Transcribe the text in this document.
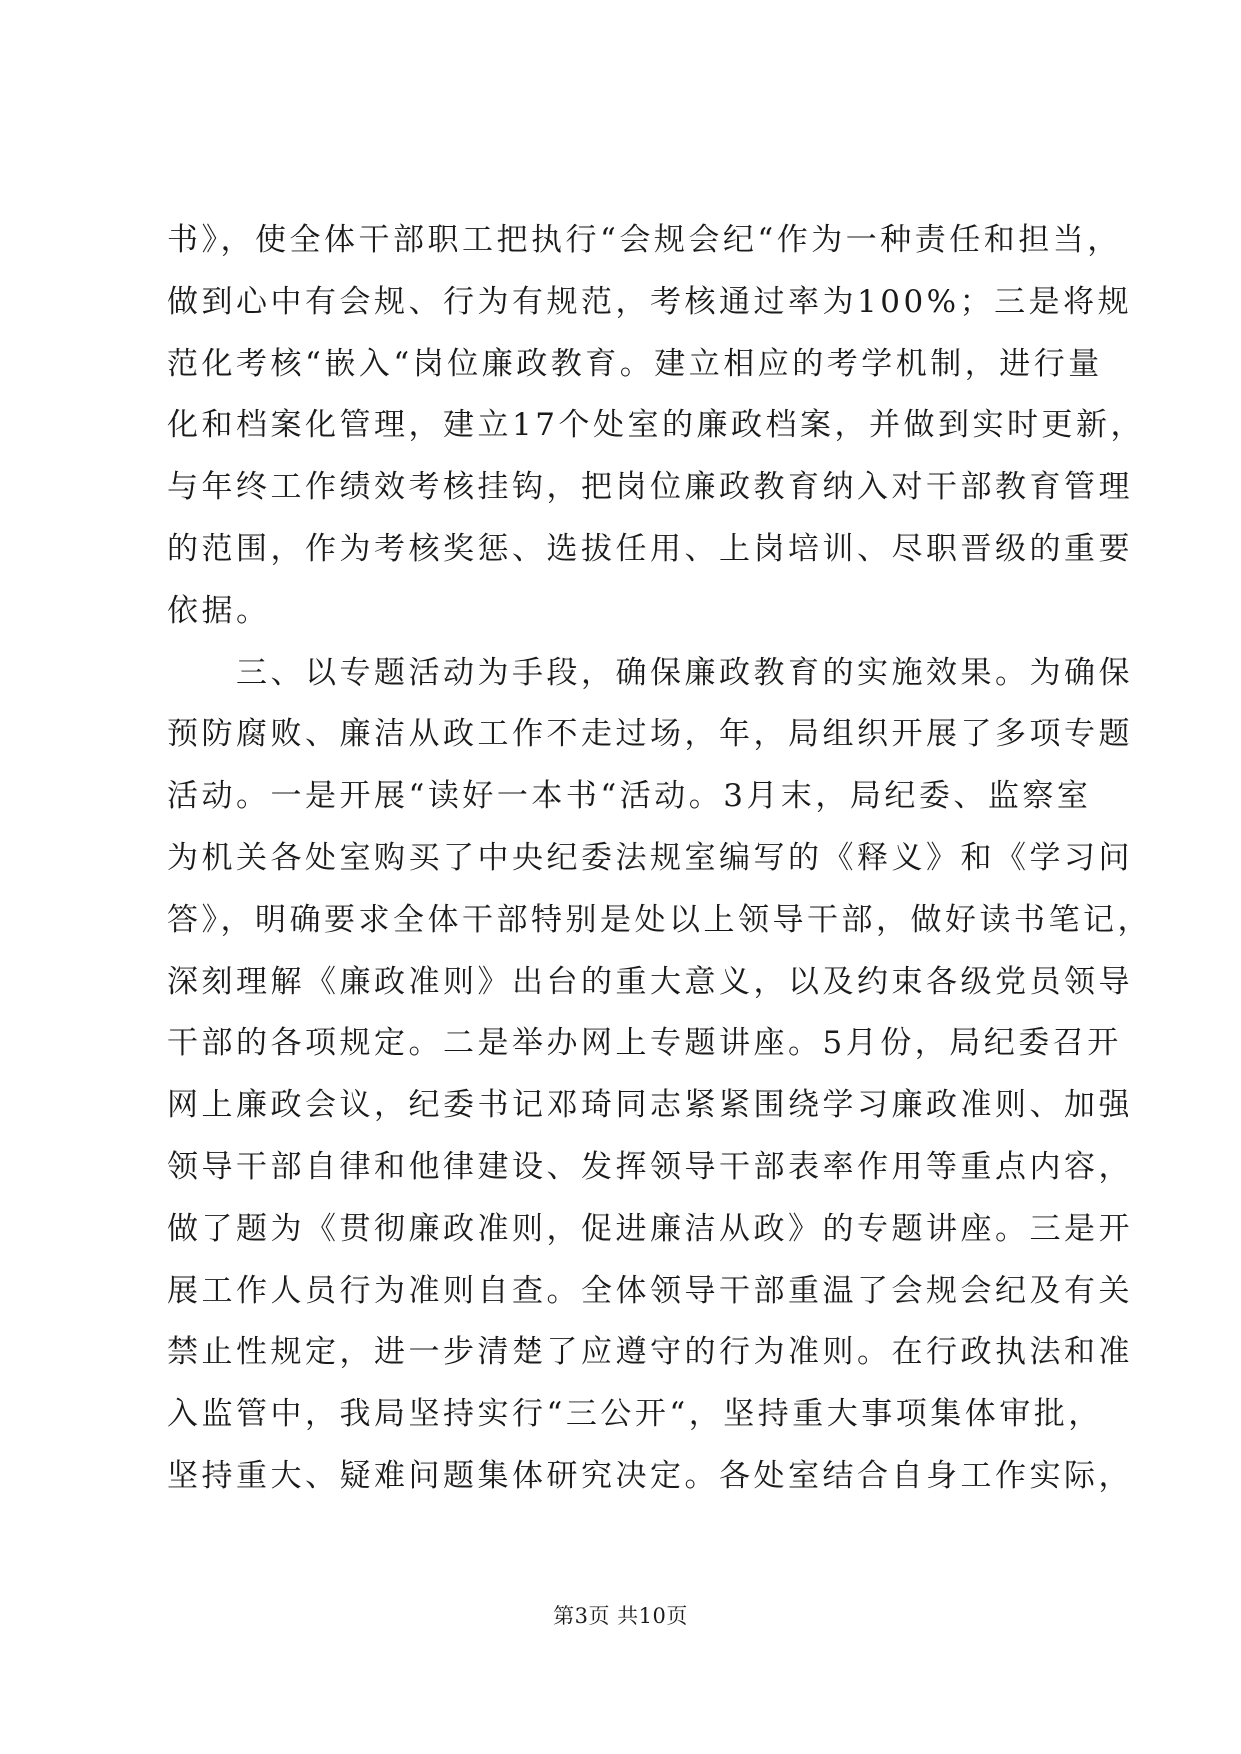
书》，使全体干部职工把执行“会规会纪“作为一种责任和担当，
做到心中有会规、行为有规范，考核通过率为100%；三是将规
范化考核“嵌入“岗位廉政教育。建立相应的考学机制，进行量
化和档案化管理，建立17个处室的廉政档案，并做到实时更新，
与年终工作绩效考核挂钩，把岗位廉政教育纳入对干部教育管理
的范围，作为考核奖惩、选拔任用、上岗培训、尽职晋级的重要
依据。
　　三、以专题活动为手段，确保廉政教育的实施效果。为确保
预防腐败、廉洁从政工作不走过场，年，局组织开展了多项专题
活动。一是开展“读好一本书“活动。3月末，局纪委、监察室
为机关各处室购买了中央纪委法规室编写的《释义》和《学习问
答》，明确要求全体干部特别是处以上领导干部，做好读书笔记，
深刻理解《廉政准则》出台的重大意义，以及约束各级党员领导
干部的各项规定。二是举办网上专题讲座。5月份，局纪委召开
网上廉政会议，纪委书记邓琦同志紧紧围绕学习廉政准则、加强
领导干部自律和他律建设、发挥领导干部表率作用等重点内容，
做了题为《贯彻廉政准则，促进廉洁从政》的专题讲座。三是开
展工作人员行为准则自查。全体领导干部重温了会规会纪及有关
禁止性规定，进一步清楚了应遵守的行为准则。在行政执法和准
入监管中，我局坚持实行“三公开“，坚持重大事项集体审批，
坚持重大、疑难问题集体研究决定。各处室结合自身工作实际，
第3页 共10页
